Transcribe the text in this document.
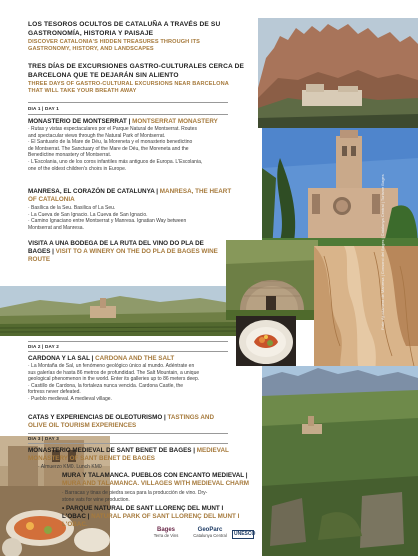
LOS TESOROS OCULTOS DE CATALUÑA A TRAVÉS DE SU
GASTRONOMÍA, HISTORIA Y PAISAJE
DISCOVER CATALONIA'S HIDDEN TREASURES THROUGH ITS
GASTRONOMY, HISTORY, AND LANDSCAPES
TRES DÍAS DE EXCURSIONES GASTRO-CULTURALES CERCA DE
BARCELONA QUE TE DEJARÁN SIN ALIENTO
THREE DAYS OF GASTRO-CULTURAL EXCURSIONS NEAR BARCELONA
THAT WILL TAKE YOUR BREATH AWAY
DIA 1 | DAY 1
MONASTERIO DE MONTSERRAT | MONTSERRAT MONASTERY
· Rutas y vistas espectaculares por el Parque Natural de Montserrat. Routes
and spectacular views through the Natural Park of Montserrat.
· El Santuario de la Mare de Déu, la Moreneta y el monasterio benedictino
de Montserrat. The Sanctuary of the Mare de Déu, the Moreneta and the
Benedictine monastery of Montserrat.
· L'Escolania, uno de los coros infantiles más antiguos de Europa. L'Escolania,
one of the oldest children's choirs in Europe.
MANRESA, EL CORAZÓN DE CATALUNYA | MANRESA, THE HEART
OF CATALONIA
· Basílica de la Seu. Basilica of La Seu.
· La Cueva de San Ignacio. La Cueva de San Ignacio.
· Camino Ignaciano entre Montserrat y Manresa. Ignatian Way between
Montserrat and Manresa.
VISITA A UNA BODEGA DE LA RUTA DEL VINO DO PLA DE
BAGES | VISIT TO A WINERY ON THE DO PLA DE BAGES WINE
ROUTE
DIA 2 | DAY 2
CARDONA Y LA SAL | CARDONA AND THE SALT
· La Montaña de Sal, un fenómeno geológico único al mundo. Adéntrate en
sus galerías de hasta 86 metros de profundidad. The Salt Mountain, a unique
geological phenomenon in the world. Enter its galleries up to 86 meters deep.
· Castillo de Cardona, la fortaleza nunca vencida. Cardona Castle, the
fortress never defeated.
· Pueblo medieval. A medieval village.
CATAS Y EXPERIENCIAS DE OLEOTURISMO | TASTINGS AND
OLIVE OIL TOURISM EXPERIENCES
DIA 3 | DAY 3
MONASTERIO MEDIEVAL DE SANT BENET DE BAGES | MEDIEVAL
MONASTERY OF SANT BENET DE BAGES
· Almuerzo KM0. Lunch KM0
MURA Y TALAMANCA. PUEBLOS CON ENCANTO MEDIEVAL |
MURA AND TALAMANCA. VILLAGES WITH MEDIEVAL CHARM
· Barracas y tinas de piedra seca para la producción de vino. Dry-
stone vats for wine production.
• PARQUE NATURAL DE SANT LLORENÇ DEL MUNT I
L'OBAC | NATURAL PARK OF SANT LLORENÇ DEL MUNT I
L'OBAC.
Bages
Terra de Vins
GeoParc
Catalunya Central	UNESCO
Foto: Ajuntament de Manresa | Consorci del Bages | Catalunya Central | Turisme Bages
